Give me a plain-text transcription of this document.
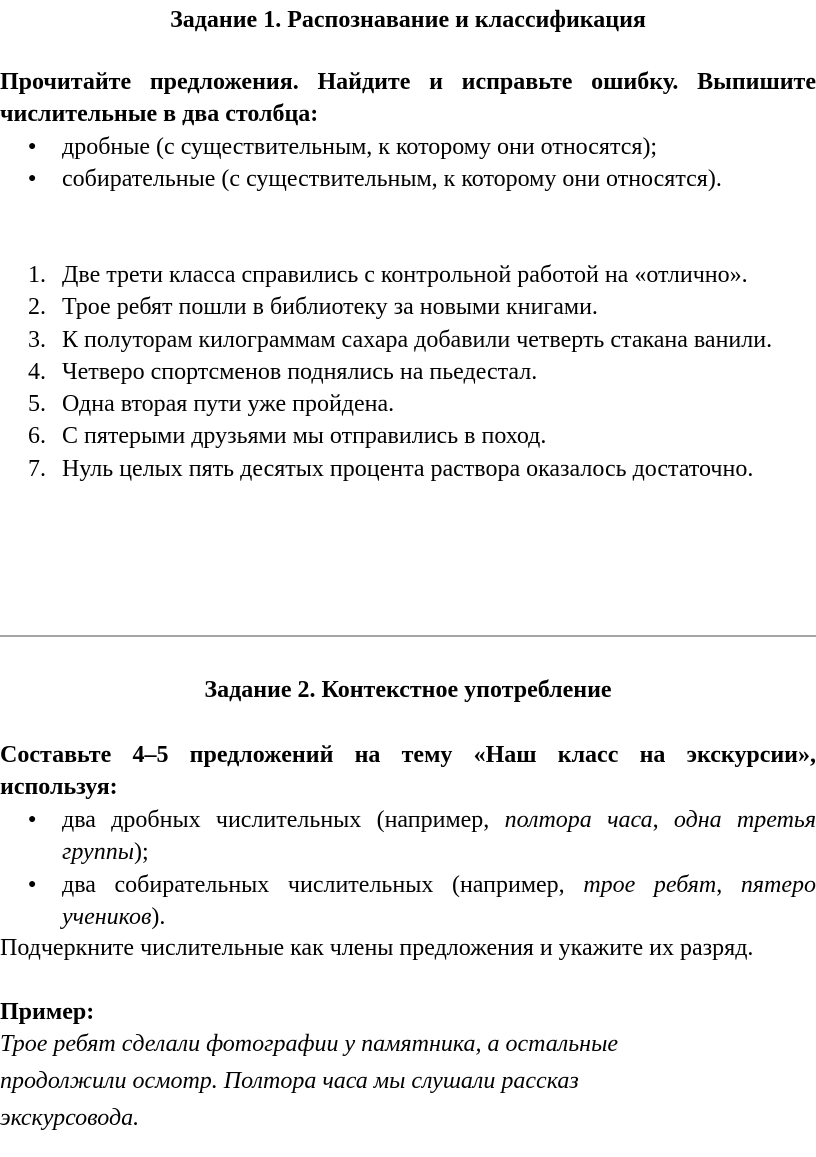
Задание 1. Распознавание и классификация
Прочитайте предложения. Найдите и исправьте ошибку. Выпишите числительные в два столбца:
● дробные (с существительным, к которому они относятся);
● собирательные (с существительным, к которому они относятся).
1. Две трети класса справились с контрольной работой на «отлично».
2. Трое ребят пошли в библиотеку за новыми книгами.
3. К полуторам килограммам сахара добавили четверть стакана ванили.
4. Четверо спортсменов поднялись на пьедестал.
5. Одна вторая пути уже пройдена.
6. С пятерыми друзьями мы отправились в поход.
7. Нуль целых пять десятых процента раствора оказалось достаточно.
Задание 2. Контекстное употребление
Составьте 4–5 предложений на тему «Наш класс на экскурсии», используя:
● два дробных числительных (например, полтора часа, одна третья группы);
● два собирательных числительных (например, трое ребят, пятеро учеников).
Подчеркните числительные как члены предложения и укажите их разряд.
Пример:
Трое ребят сделали фотографии у памятника, а остальные
продолжили осмотр. Полтора часа мы слушали рассказ
экскурсовода.
